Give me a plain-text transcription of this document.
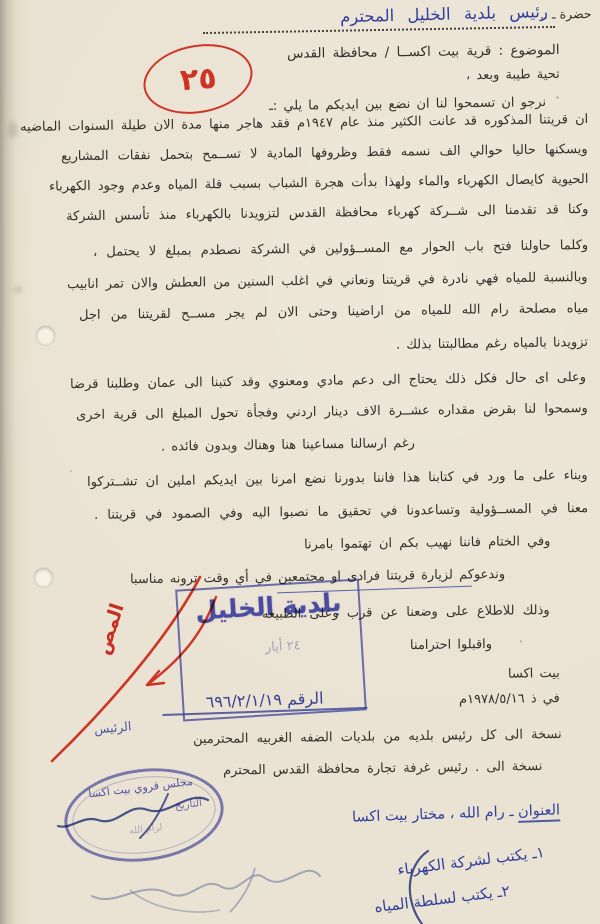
حضرة ـ ..
رئيس بلدية الخليل المحترم
الموضوع : قرية بيت اكســا / محافظة القدس
تحية طيبة وبعد ،
نرجو ان تسمحوا لنا ان نضع بين ايديكم ما يلي :ـ
٢٥
ان قريتنا المذكوره قد عانت الكثير منذ عام ١٩٤٧م فقد هاجر منها مدة الان طيلة السنوات الماضيه
ويسكنها حاليا حوالي الف نسمه فقط وظروفها المادية لا تســمح بتحمل نفقات المشاريع
الحيوية كايصال الكهرباء والماء ولهذا بدأت هجرة الشباب بسبب قلة المياه وعدم وجود الكهرباء
وكنا قد تقدمنا الى شــركة كهرباء محافظة القدس لتزويدنا بالكهرباء منذ تأسس الشركة
وكلما حاولنا فتح باب الحوار مع المســؤولين في الشركة نصطدم بمبلغ لا يحتمل ،
وبالنسبة للمياه فهي نادرة في قريتنا ونعاني في اغلب السنين من العطش والان تمر انابيب
مياه مصلحة رام الله للمياه من اراضينا وحتى الان لم يجر مســح لقريتنا من اجل
تزويدنا بالمياه رغم مطالبتنا بذلك .
وعلى اى حال فكل ذلك يحتاج الى دعم مادي ومعنوي وقد كتبنا الى عمان وطلبنا قرضا
وسمحوا لنا بقرض مقداره عشــرة الاف دينار اردني وفجأة تحول المبلغ الى قرية اخرى
رغم ارسالنا مساعينا هنا وهناك وبدون فائده .
وبناء على ما ورد في كتابنا هذا فاننا بدورنا نضع امرنا بين ايديكم املين ان تشــتركوا
معنا في المســؤولية وتساعدونا في تحقيق ما نصبوا اليه وفي الصمود في قريتنا .
وفي الختام فاننا نهيب بكم ان تهتموا بامرنا
وندعوكم لزيارة قريتنا فرادى او مجتمعين في أي وقت ترونه مناسبا
وذلك للاطلاع على وضعنا عن قرب وعلى الطبيعه
واقبلوا احترامنا
بيت اكسا
في ذ ١٩٧٨/٥/١٦م
نسخة الى كل رئيس بلديه من بلديات الضفه الغربيه المحترمين
نسخة الى . رئيس غرفة تجارة محافظة القدس المحترم
بلدية الخليل
٢٤ أيار
الرقم ٦٩٦/٢/١/١٩
المص
الرئيس
مجلس قروي بيت اكسا
التاريخ
لرام الله
العنوان ـ رام الله ، مختار بيت اكسا
١ـ يكتب لشركة الكهرباء
٢ـ يكتب لسلطة المياه
